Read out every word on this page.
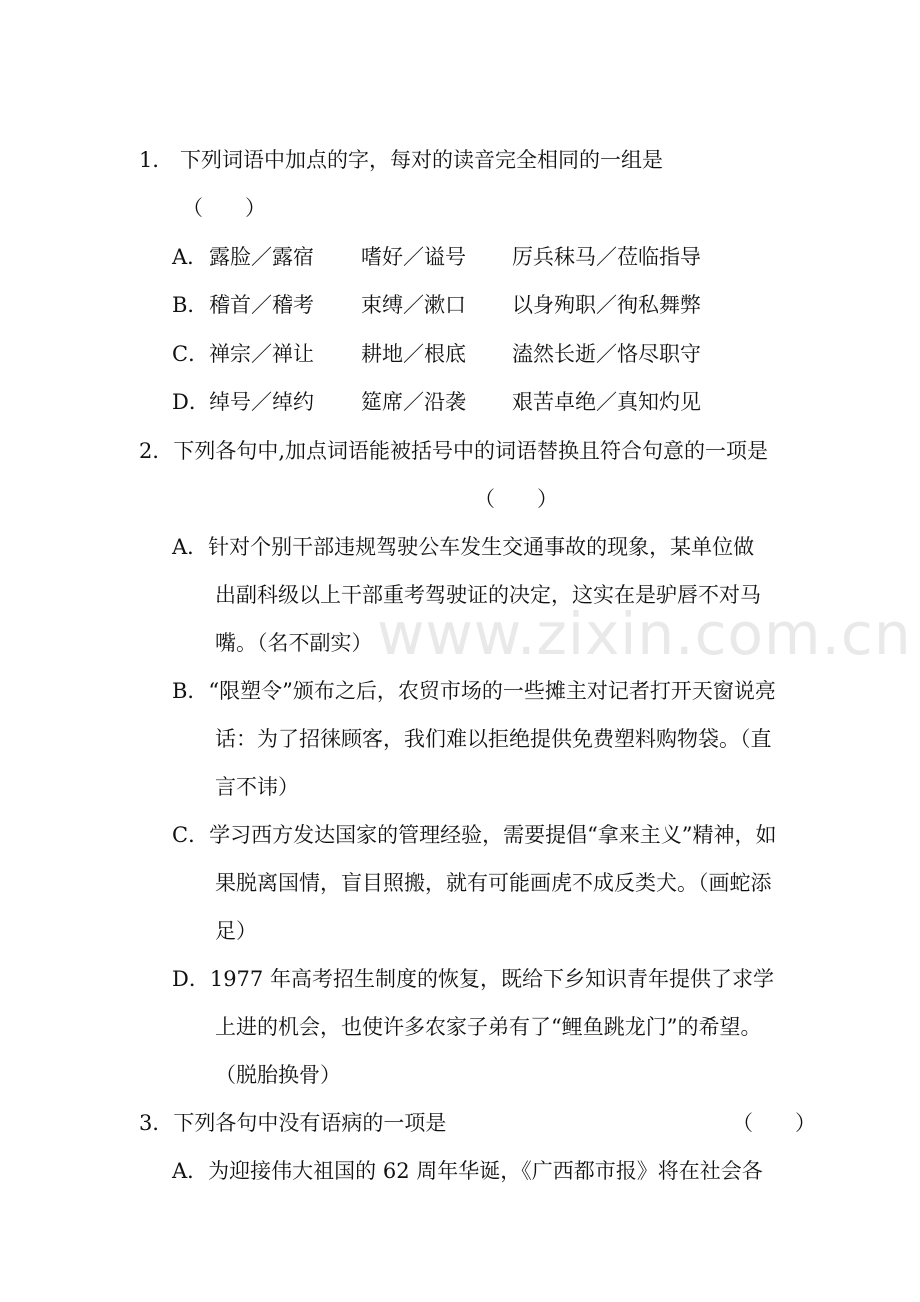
www.zixin.com.cn
1． 下列词语中加点的字，每对的读音完全相同的一组是
（　　）
A． 露脸／露宿 嗜好／谥号 厉兵秣马／莅临指导
B． 稽首／稽考 束缚／漱口 以身殉职／徇私舞弊
C． 禅宗／禅让 耕地／根底 溘然长逝／恪尽职守
D． 绰号／绰约 筵席／沿袭 艰苦卓绝／真知灼见
2．下列各句中,加点词语能被括号中的词语替换且符合句意的一项是
（　　）
A．针对个别干部违规驾驶公车发生交通事故的现象，某单位做
出副科级以上干部重考驾驶证的决定，这实在是驴唇不对马
嘴。（名不副实）
B．“限塑令”颁布之后，农贸市场的一些摊主对记者打开天窗说亮
话：为了招徕顾客，我们难以拒绝提供免费塑料购物袋。（直
言不讳）
C．学习西方发达国家的管理经验，需要提倡“拿来主义”精神，如
果脱离国情，盲目照搬，就有可能画虎不成反类犬。（画蛇添
足）
D．1977 年高考招生制度的恢复，既给下乡知识青年提供了求学
上进的机会，也使许多农家子弟有了“鲤鱼跳龙门”的希望。
（脱胎换骨）
3．下列各句中没有语病的一项是	（　　）
A．为迎接伟大祖国的 62 周年华诞，《广西都市报》将在社会各
